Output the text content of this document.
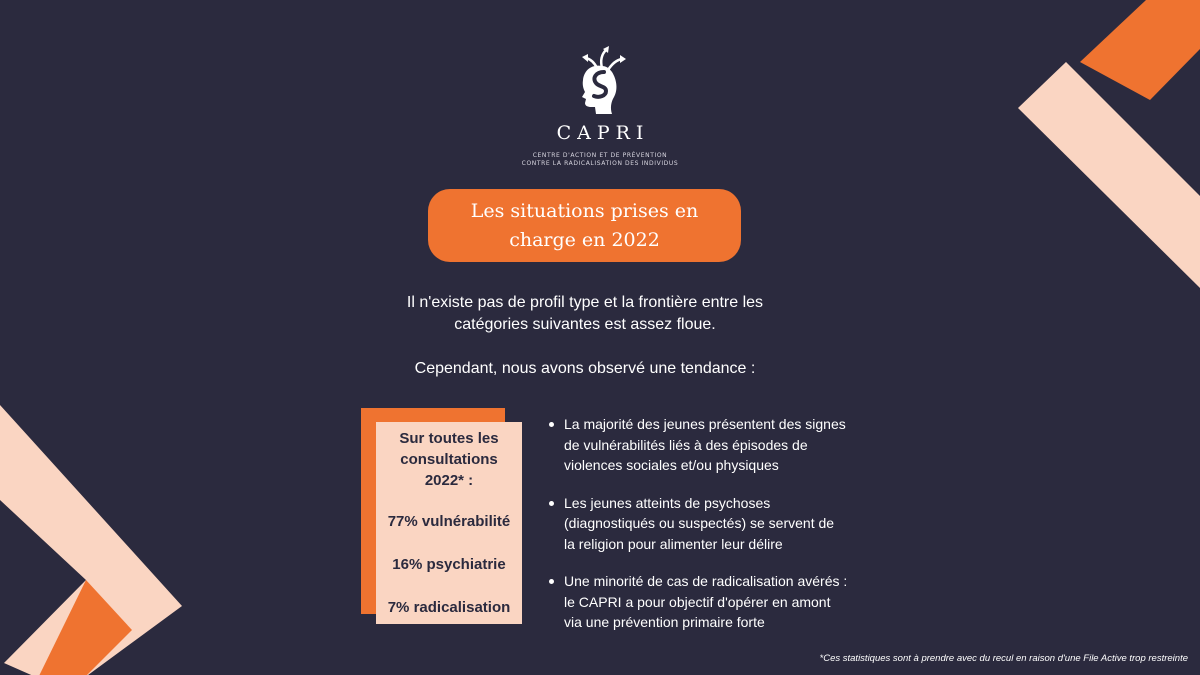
CAPRI
CENTRE D'ACTION ET DE PRÉVENTION
CONTRE LA RADICALISATION DES INDIVIDUS
Les situations prises en charge en 2022

Il n'existe pas de profil type et la frontière entre les catégories suivantes est assez floue.

Cependant, nous avons observé une tendance :

Sur toutes les
consultations
2022* :
77% vulnérabilité
16% psychiatrie
7% radicalisation
La majorité des jeunes présentent des signes de vulnérabilités liés à des épisodes de violences sociales et/ou physiques
Les jeunes atteints de psychoses (diagnostiqués ou suspectés) se servent de la religion pour alimenter leur délire
Une minorité de cas de radicalisation avérés : le CAPRI a pour objectif d'opérer en amont via une prévention primaire forte
*Ces statistiques sont à prendre avec du recul en raison d'une File Active trop restreinte
